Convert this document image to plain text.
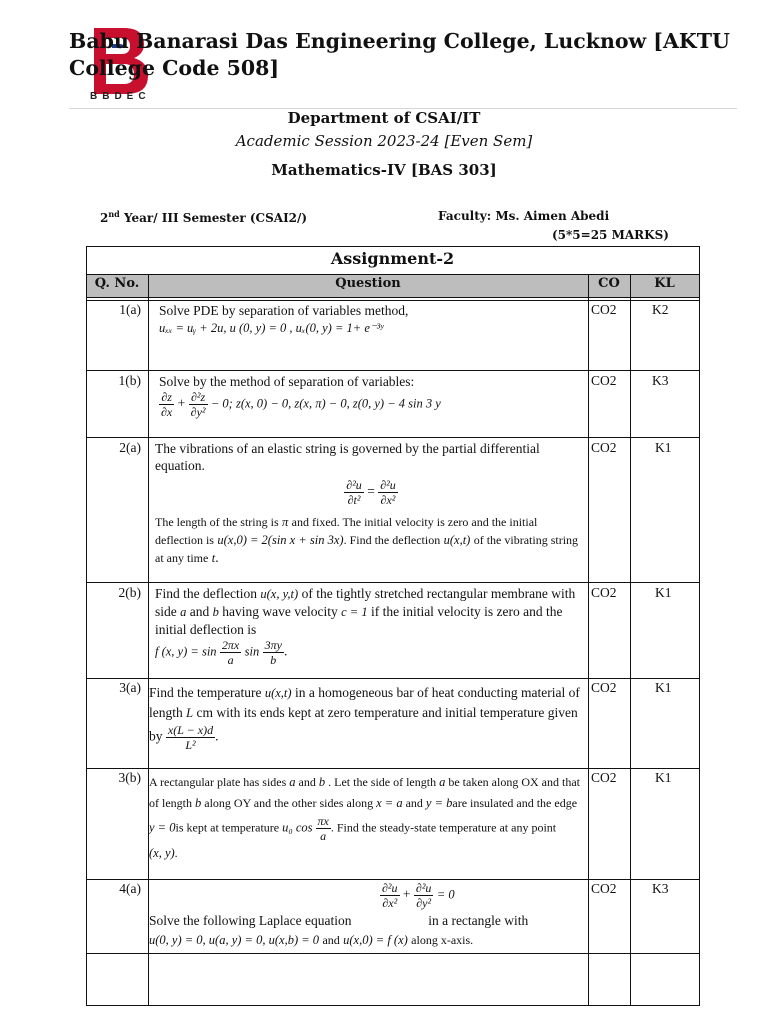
BBDEC
Babu Banarasi Das Engineering College, Lucknow [AKTU College Code 508]
Department of CSAI/IT
Academic Session 2023-24 [Even Sem]
Mathematics-IV [BAS 303]
2nd Year/ III Semester (CSAI2/)	Faculty: Ms. Aimen Abedi
(5*5=25 MARKS)
Assignment-2
Q. No.	Question	CO	KL
1(a) Solve PDE by separation of variables method,
uₓₓ = uᵧ + 2u, u (0, y) = 0 , uₓ(0, y) = 1+ e⁻³ʸ
CO2	K2
1(b) Solve by the method of separation of variables:

$\frac{\partial z}{\partial x} + \frac{\text{∂²z}}{\text{∂y²}} - 0$; z(x, 0) − 0, z(x, π) − 0, z(0, y) − 4 sin 3 y
CO2	K3
2(a) The vibrations of an elastic string is governed by the partial differential equation.
$\frac{\text{∂²u}}{\text{∂t²}} = \frac{\text{∂²u}}{\text{∂x²}}$
The length of the string is π and fixed. The initial velocity is zero and the initial deflection is u(x,0) = 2(sin x + sin 3x). Find the deflection u(x,t) of the vibrating string at any time t.
CO2	K1
2(b) Find the deflection u(x, y,t) of the tightly stretched rectangular membrane with side a and b having wave velocity c = 1 if the initial velocity is zero and the initial deflection is
f (x, $y) = \sin \frac{2\pi x}{a}$ $\sin \frac{3\pi y}{b}$ .
CO2	K1
3(a) Find the temperature u(x,t) in a homogeneous bar of heat conducting material of length L cm with its ends kept at zero temperature and initial temperature given by $\frac{x(L - x)d}{\text{L²}}$ .
CO2	K1
3(b) A rectangular plate has sides a and b . Let the side of length a be taken along OX and that of length b along OY and the other sides along x = a and y = bare insulated and the edge y = 0is kept at temperature u₀ $\cos \frac{\pi x}{a}$ . Find the steady-state temperature at any point (x, y).
CO2	K1
4(a)	$\frac{\text{∂²u}}{\text{∂x²}} + \frac{\text{∂²u}}{\text{∂y²}} = 0$
Solve the following Laplace equation	in a rectangle with
u(0, y) = 0, u(a, y) = 0, u(x,b) = 0 and u(x,0) = f (x) along x-axis.
CO2	K3
